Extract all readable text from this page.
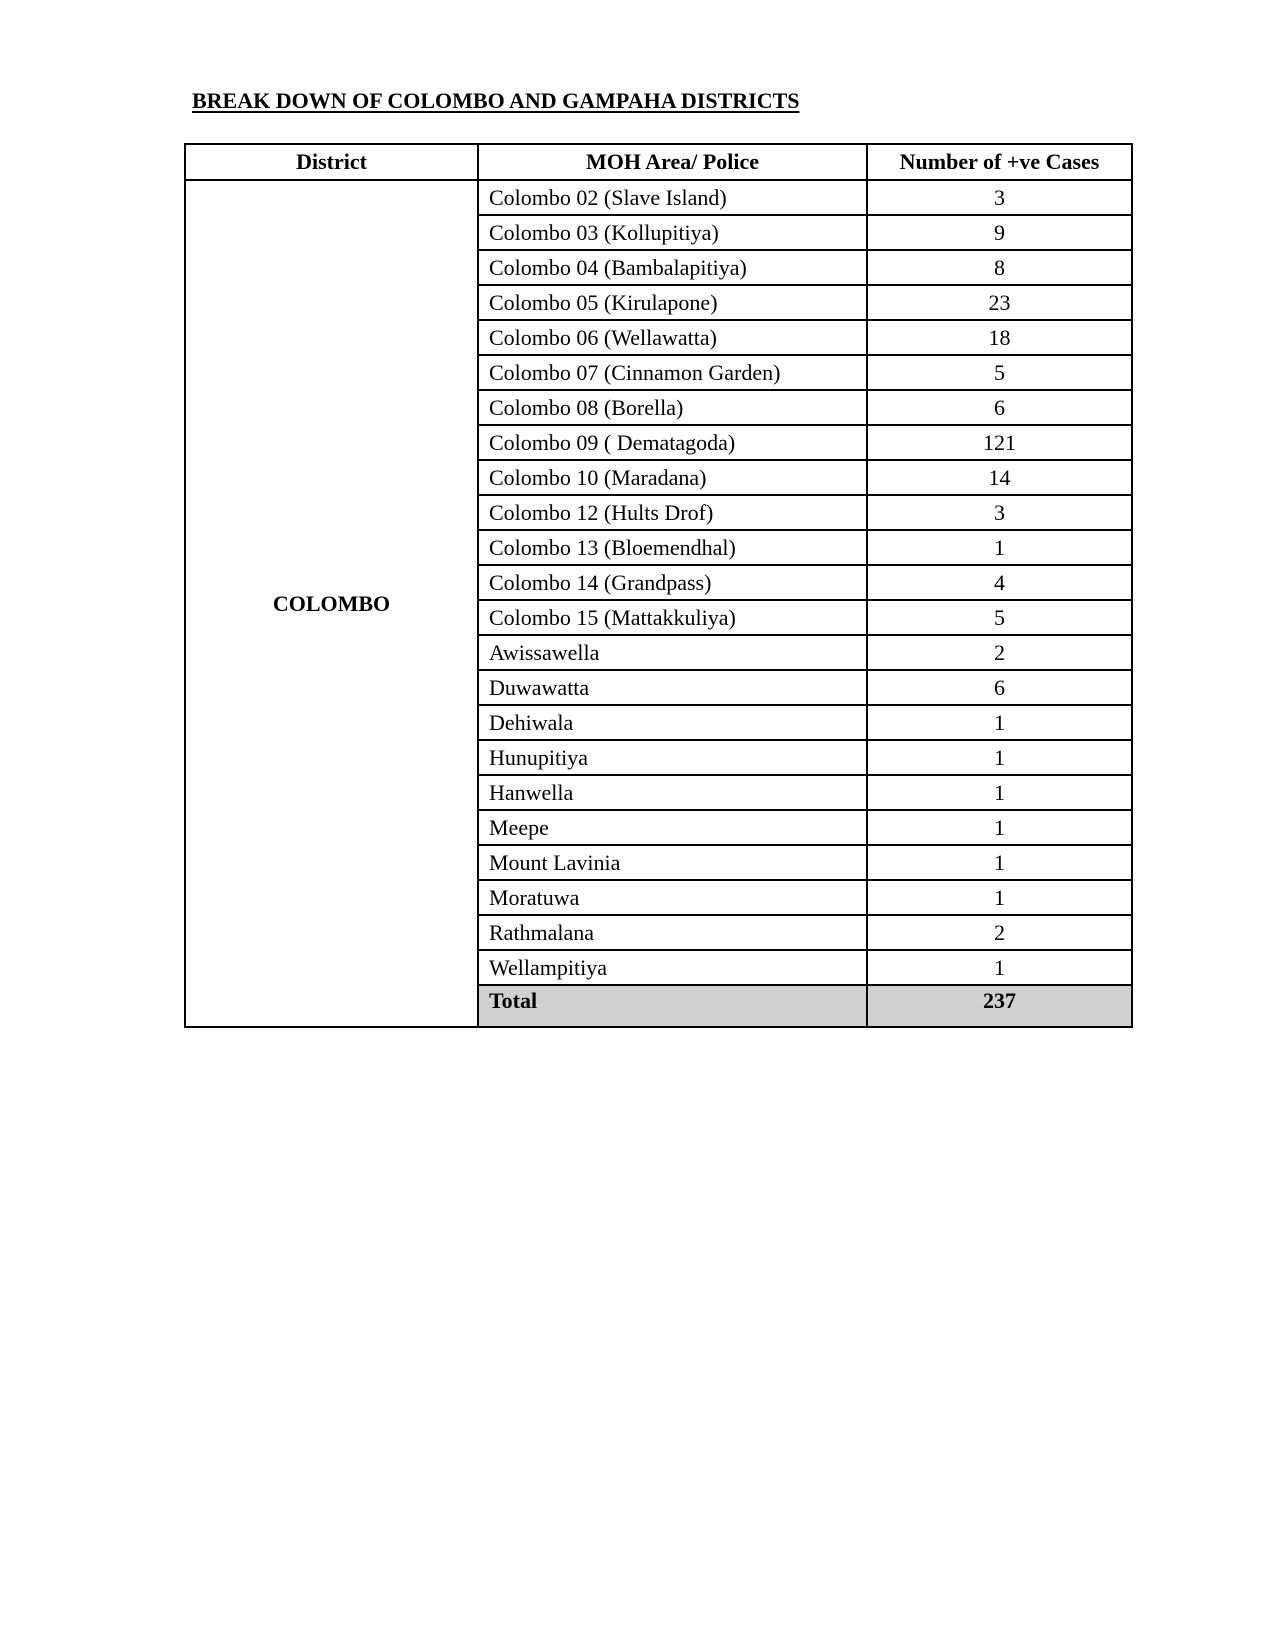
BREAK DOWN OF COLOMBO AND GAMPAHA DISTRICTS
District	MOH Area/ Police	Number of +ve Cases
COLOMBO	Colombo 02 (Slave Island)	3
	Colombo 03 (Kollupitiya)	9
	Colombo 04 (Bambalapitiya)	8
	Colombo 05 (Kirulapone)	23
	Colombo 06 (Wellawatta)	18
	Colombo 07 (Cinnamon Garden)	5
	Colombo 08 (Borella)	6
	Colombo 09 ( Dematagoda)	121
	Colombo 10 (Maradana)	14
	Colombo 12 (Hults Drof)	3
	Colombo 13 (Bloemendhal)	1
	Colombo 14 (Grandpass)	4
	Colombo 15 (Mattakkuliya)	5
	Awissawella	2
	Duwawatta	6
	Dehiwala	1
	Hunupitiya	1
	Hanwella	1
	Meepe	1
	Mount Lavinia	1
	Moratuwa	1
	Rathmalana	2
	Wellampitiya	1
	Total	237
